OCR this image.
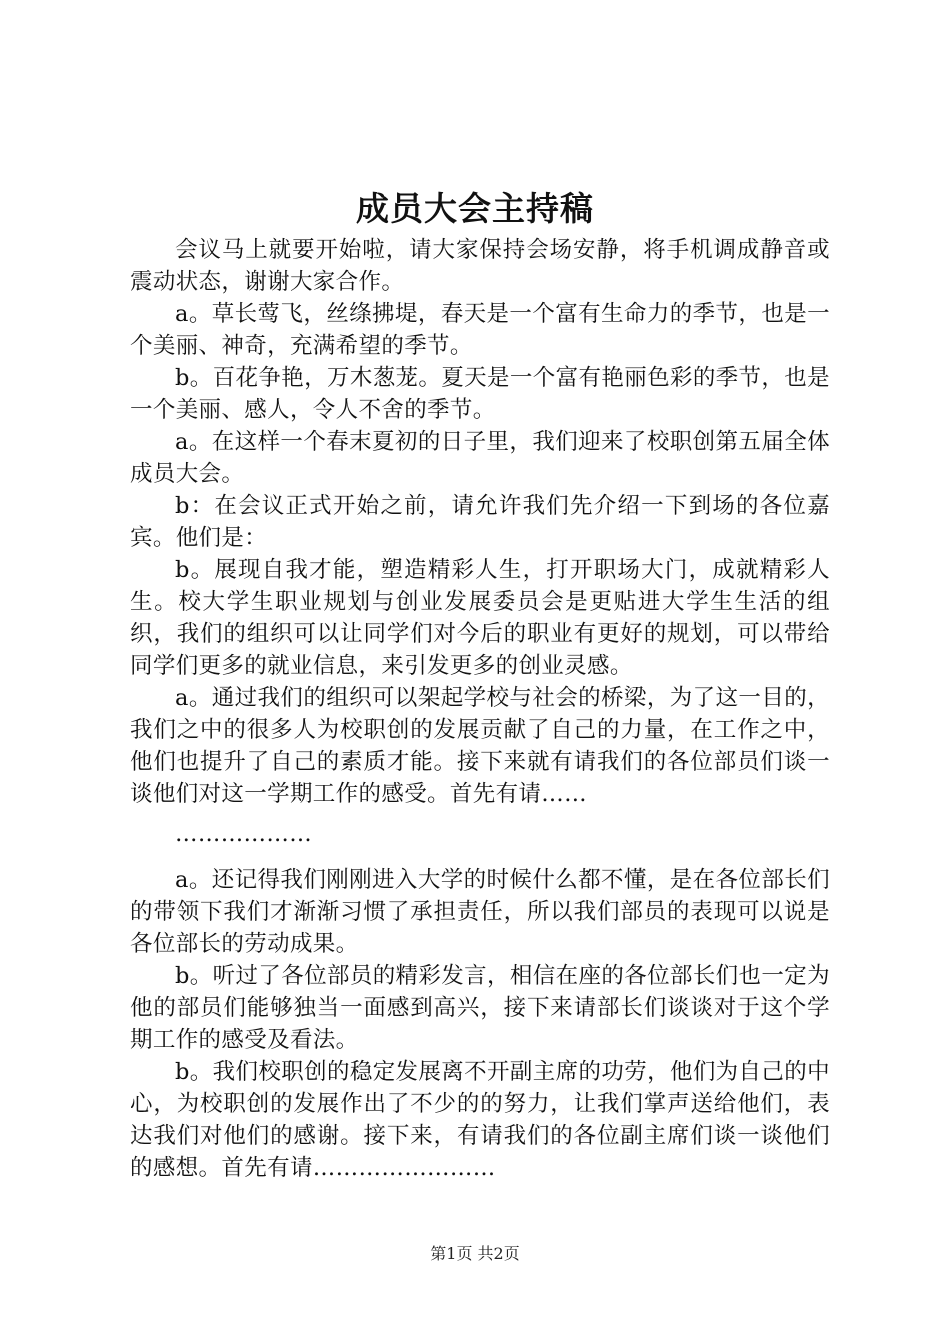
成员大会主持稿

会议马上就要开始啦，请大家保持会场安静，将手机调成静音或震动状态，谢谢大家合作。

a。草长莺飞，丝绦拂堤，春天是一个富有生命力的季节，也是一个美丽、神奇，充满希望的季节。

b。百花争艳，万木葱茏。夏天是一个富有艳丽色彩的季节，也是一个美丽、感人，令人不舍的季节。

a。在这样一个春末夏初的日子里，我们迎来了校职创第五届全体成员大会。

b：在会议正式开始之前，请允许我们先介绍一下到场的各位嘉宾。他们是：

b。展现自我才能，塑造精彩人生，打开职场大门，成就精彩人生。校大学生职业规划与创业发展委员会是更贴进大学生生活的组织，我们的组织可以让同学们对今后的职业有更好的规划，可以带给同学们更多的就业信息，来引发更多的创业灵感。

a。通过我们的组织可以架起学校与社会的桥梁，为了这一目的，我们之中的很多人为校职创的发展贡献了自己的力量，在工作之中，他们也提升了自己的素质才能。接下来就有请我们的各位部员们谈一谈他们对这一学期工作的感受。首先有请……

………………

a。还记得我们刚刚进入大学的时候什么都不懂，是在各位部长们的带领下我们才渐渐习惯了承担责任，所以我们部员的表现可以说是各位部长的劳动成果。

b。听过了各位部员的精彩发言，相信在座的各位部长们也一定为他的部员们能够独当一面感到高兴，接下来请部长们谈谈对于这个学期工作的感受及看法。

b。我们校职创的稳定发展离不开副主席的功劳，他们为自己的中心，为校职创的发展作出了不少的的努力，让我们掌声送给他们，表达我们对他们的感谢。接下来，有请我们的各位副主席们谈一谈他们的感想。首先有请……………………

第1页 共2页
